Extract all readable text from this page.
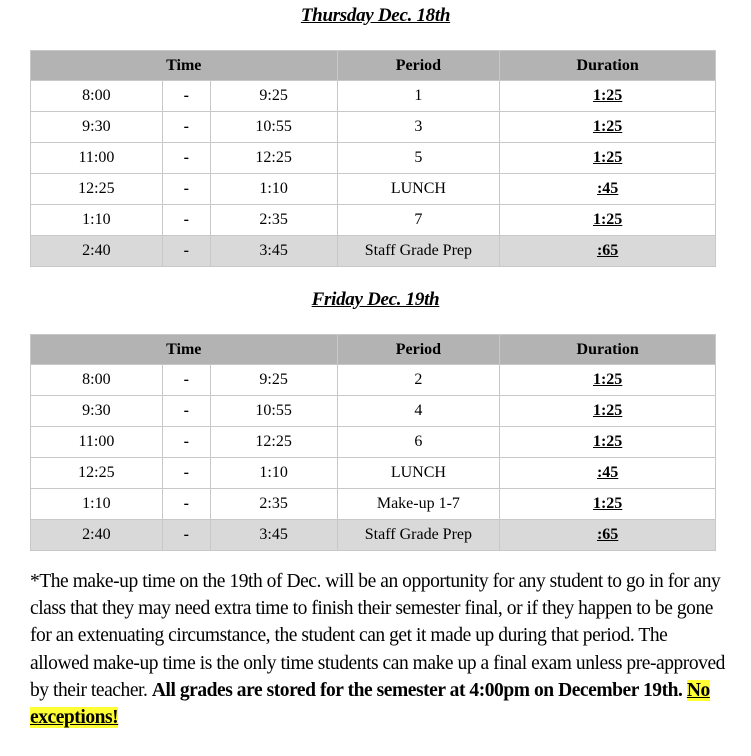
Thursday Dec. 18th
Time			Period	Duration
8:00	-	9:25	1	1:25
9:30	-	10:55	3	1:25
11:00	-	12:25	5	1:25
12:25	-	1:10	LUNCH	:45
1:10	-	2:35	7	1:25
2:40	-	3:45	Staff Grade Prep	:65
Friday Dec. 19th
Time			Period	Duration
8:00	-	9:25	2	1:25
9:30	-	10:55	4	1:25
11:00	-	12:25	6	1:25
12:25	-	1:10	LUNCH	:45
1:10	-	2:35	Make-up 1-7	1:25
2:40	-	3:45	Staff Grade Prep	:65
*The make-up time on the 19th of Dec. will be an opportunity for any student to go in for any class that they may need extra time to finish their semester final, or if they happen to be gone for an extenuating circumstance, the student can get it made up during that period. The allowed make-up time is the only time students can make up a final exam unless pre-approved by their teacher. All grades are stored for the semester at 4:00pm on December 19th. No exceptions!
